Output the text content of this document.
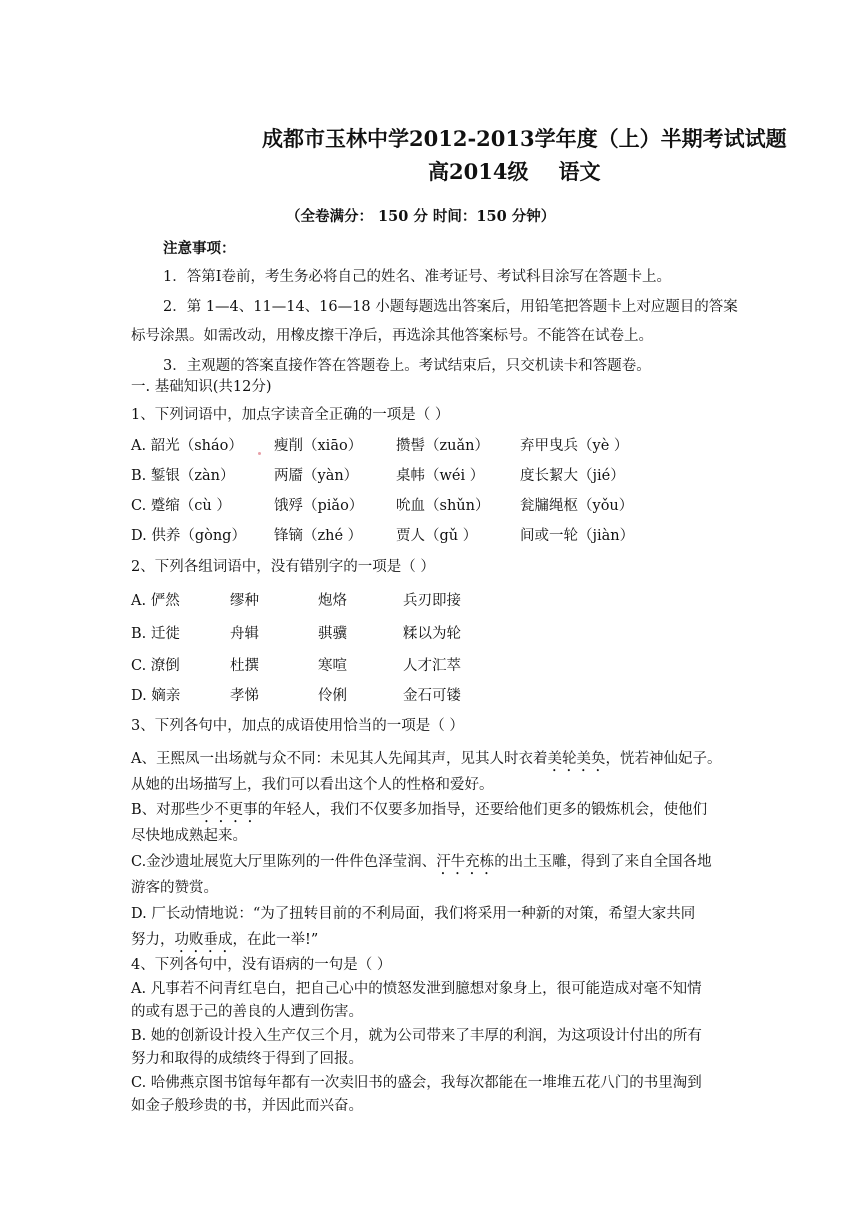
成都市玉林中学2012-2013学年度（上）半期考试试题
高2014级 语文
（全卷满分： 150 分 时间：150 分钟）
注意事项：
1．答第Ⅰ卷前，考生务必将自己的姓名、准考证号、考试科目涂写在答题卡上。
2．第 1—4、11—14、16—18 小题每题选出答案后，用铅笔把答题卡上对应题目的答案
标号涂黑。如需改动，用橡皮擦干净后，再选涂其他答案标号。不能答在试卷上。
3．主观题的答案直接作答在答题卷上。考试结束后，只交机读卡和答题卷。
一. 基础知识(共12分)
1、下列词语中，加点字读音全正确的一项是（ ）
A. 韶光（sháo） 瘦削（xiāo） 攒髻（zuǎn） 弃甲曳兵（yè ）
B. 錾银（zàn）	两靥（yàn）	桌帏（wéi ） 度长絜大（jié）
C. 蹙缩（cù ）	饿殍（piǎo） 吮血（shǔn） 瓮牖绳枢（yǒu）
D. 供养（gòng） 锋镝（zhé ） 贾人（gǔ ）	间或一轮（jiàn）
2、下列各组词语中，没有错别字的一项是（ ）
A. 俨然	缪种	炮烙	兵刃即接
B. 迁徙	舟辑	骐骥	糅以为轮
C. 潦倒	杜撰	寒喧	人才汇萃
D. 嫡亲	孝悌	伶俐	金石可镂
3、下列各句中，加点的成语使用恰当的一项是（ ）
A、王熙凤一出场就与众不同：未见其人先闻其声，见其人时衣着美轮美奂，恍若神仙妃子。
从她的出场描写上，我们可以看出这个人的性格和爱好。
B、对那些少不更事的年轻人，我们不仅要多加指导，还要给他们更多的锻炼机会，使他们
尽快地成熟起来。
C.金沙遗址展览大厅里陈列的一件件色泽莹润、汗牛充栋的出土玉雕，得到了来自全国各地
游客的赞赏。
D. 厂长动情地说：“为了扭转目前的不利局面，我们将采用一种新的对策，希望大家共同
努力，功败垂成，在此一举!”
4、下列各句中，没有语病的一句是（ ）
A. 凡事若不问青红皂白，把自己心中的愤怒发泄到臆想对象身上，很可能造成对毫不知情
的或有恩于己的善良的人遭到伤害。
B. 她的创新设计投入生产仅三个月，就为公司带来了丰厚的利润，为这项设计付出的所有
努力和取得的成绩终于得到了回报。
C. 哈佛燕京图书馆每年都有一次卖旧书的盛会，我每次都能在一堆堆五花八门的书里淘到
如金子般珍贵的书，并因此而兴奋。
